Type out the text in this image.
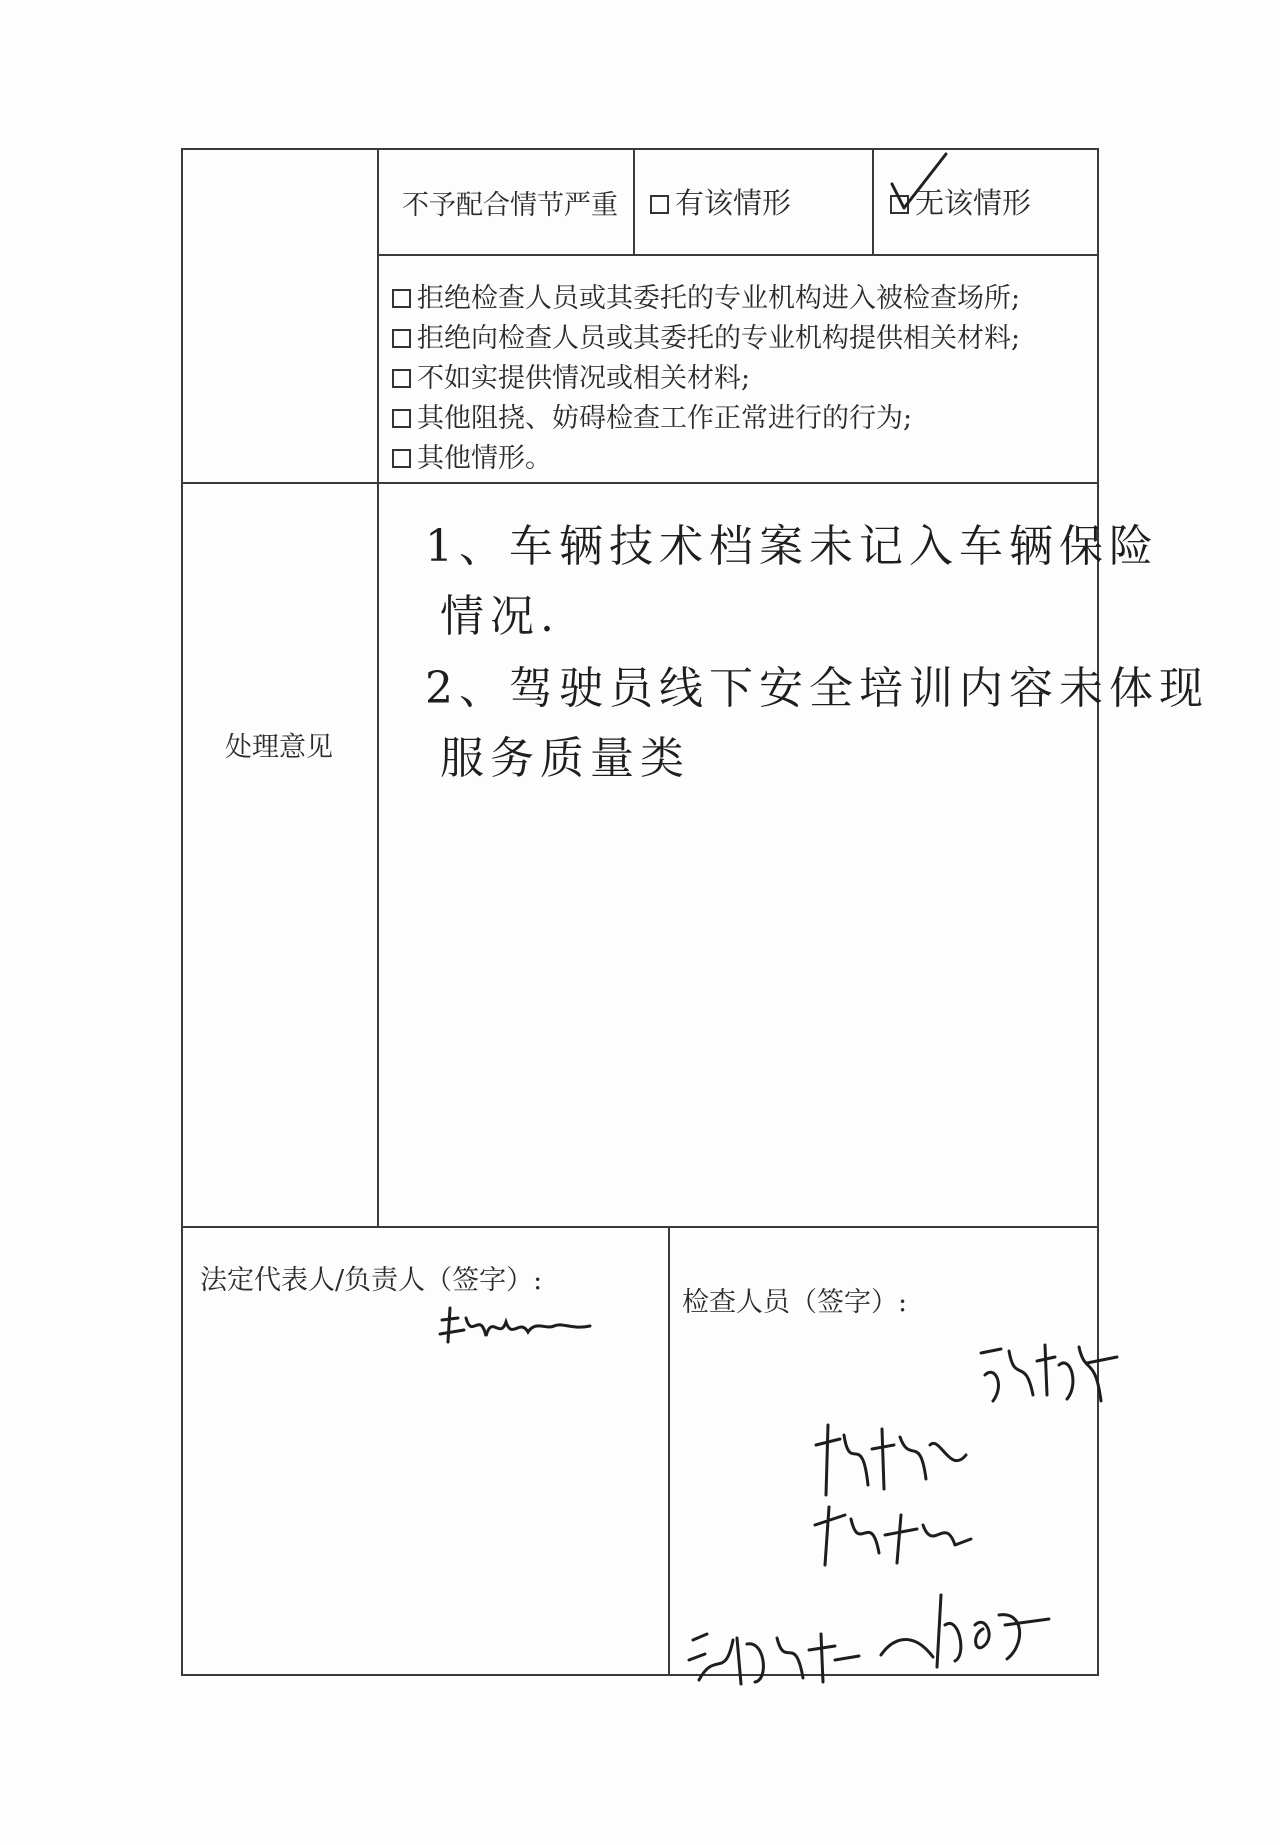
不予配合情节严重	有该情形	无该情形
拒绝检查人员或其委托的专业机构进入被检查场所;
拒绝向检查人员或其委托的专业机构提供相关材料;
不如实提供情况或相关材料;
其他阻挠、妨碍检查工作正常进行的行为;
其他情形。
处理意见
1、车辆技术档案未记入车辆保险
情况.
2、驾驶员线下安全培训内容未体现
服务质量类
法定代表人/负责人（签字）:
检查人员（签字）:
